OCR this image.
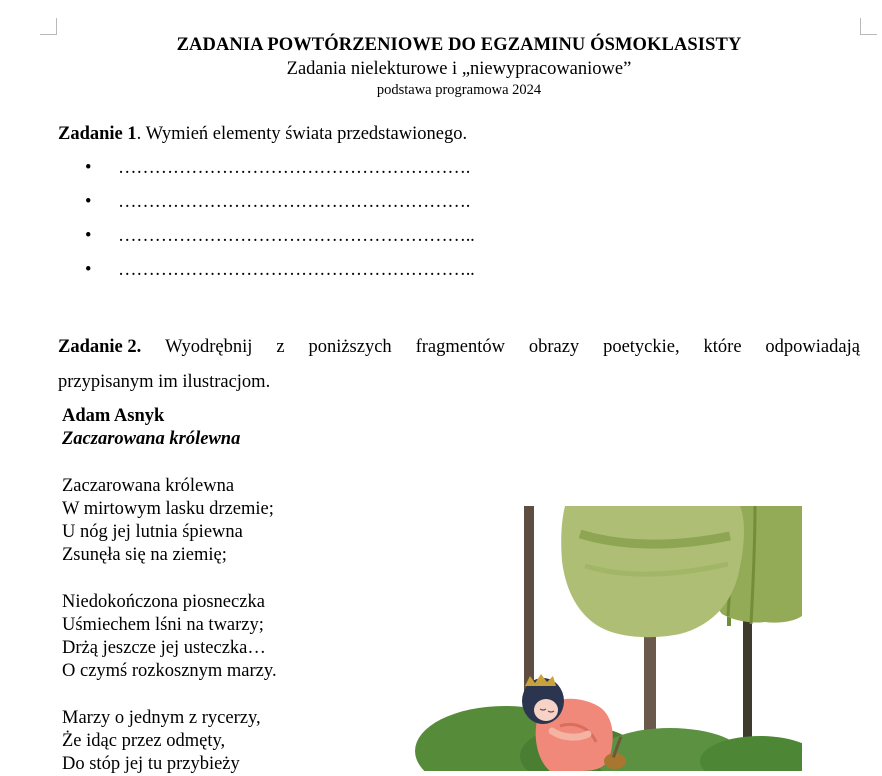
ZADANIA POWTÓRZENIOWE DO EGZAMINU ÓSMOKLASISTY
Zadania nielekturowe i „niewypracowaniowe”
podstawa programowa 2024
Zadanie 1. Wymień elementy świata przedstawionego.
• ………………………………………………….
• ………………………………………………….
• …………………………………………………..
• …………………………………………………..
Zadanie 2. Wyodrębnij z poniższych fragmentów obrazy poetyckie, które odpowiadają
przypisanym im ilustracjom.
Adam Asnyk
Zaczarowana królewna
Zaczarowana królewna
W mirtowym lasku drzemie;
U nóg jej lutnia śpiewna
Zsunęła się na ziemię;
Niedokończona piosneczka
Uśmiechem lśni na twarzy;
Drżą jeszcze jej usteczka…
O czymś rozkosznym marzy.
Marzy o jednym z rycerzy,
Że idąc przez odmęty,
Do stóp jej tu przybieży
